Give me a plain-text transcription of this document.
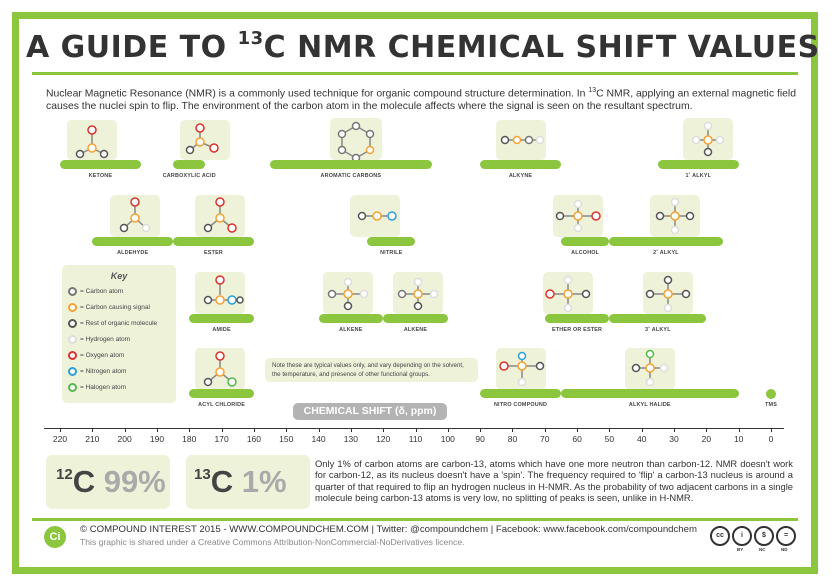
A GUIDE TO $^{13}$C NMR CHEMICAL SHIFT VALUES
Nuclear Magnetic Resonance (NMR) is a commonly used technique for organic compound structure determination. In $^{13}$C NMR, applying an external magnetic field causes the nuclei spin to flip. The environment of the carbon atom in the molecule affects where the signal is seen on the resultant spectrum.
KETONE	CARBOXYLIC ACID	AROMATIC CARBONS	ALKYNE	1˚ ALKYL
ALDEHYDE	ESTER	NITRILE	ALCOHOL	2˚ ALKYL
AMIDE	ALKENE	ALKENE	ETHER OR ESTER	3˚ ALKYL
ACYL CHLORIDE	NITRO COMPOUND	ALKYL HALIDE	TMS
Key
= Carbon atom
= Carbon causing signal
= Rest of organic molecule
= Hydrogen atom
= Oxygen atom
= Nitrogen atom
= Halogen atom
Note these are typical values only, and vary depending on the solvent, the temperature, and presence of other functional groups.
CHEMICAL SHIFT (δ, ppm)
220 210 200 190 180 170 160 150 140 130 120 110 100 90	80	70	60	50	40	30	20	10	0
$^{12}$C 99% $^{13}$C 1%
Only 1% of carbon atoms are carbon-13, atoms which have one more neutron than carbon-12. NMR doesn't work for carbon-12, as its nucleus doesn't have a 'spin'. The frequency required to 'flip' a carbon-13 nucleus is around a quarter of that required to flip an hydrogen nucleus in H-NMR. As the probability of two adjacent carbons in a single molecule being carbon-13 atoms is very low, no splitting of peaks is seen, unlike in H-NMR.
Ci
© COMPOUND INTEREST 2015 - WWW.COMPOUNDCHEM.COM | Twitter: @compoundchem | Facebook: www.facebook.com/compoundchem
This graphic is shared under a Creative Commons Attribution-NonCommercial-NoDerivatives licence.
cc	i
BY
$
NC
=
ND
